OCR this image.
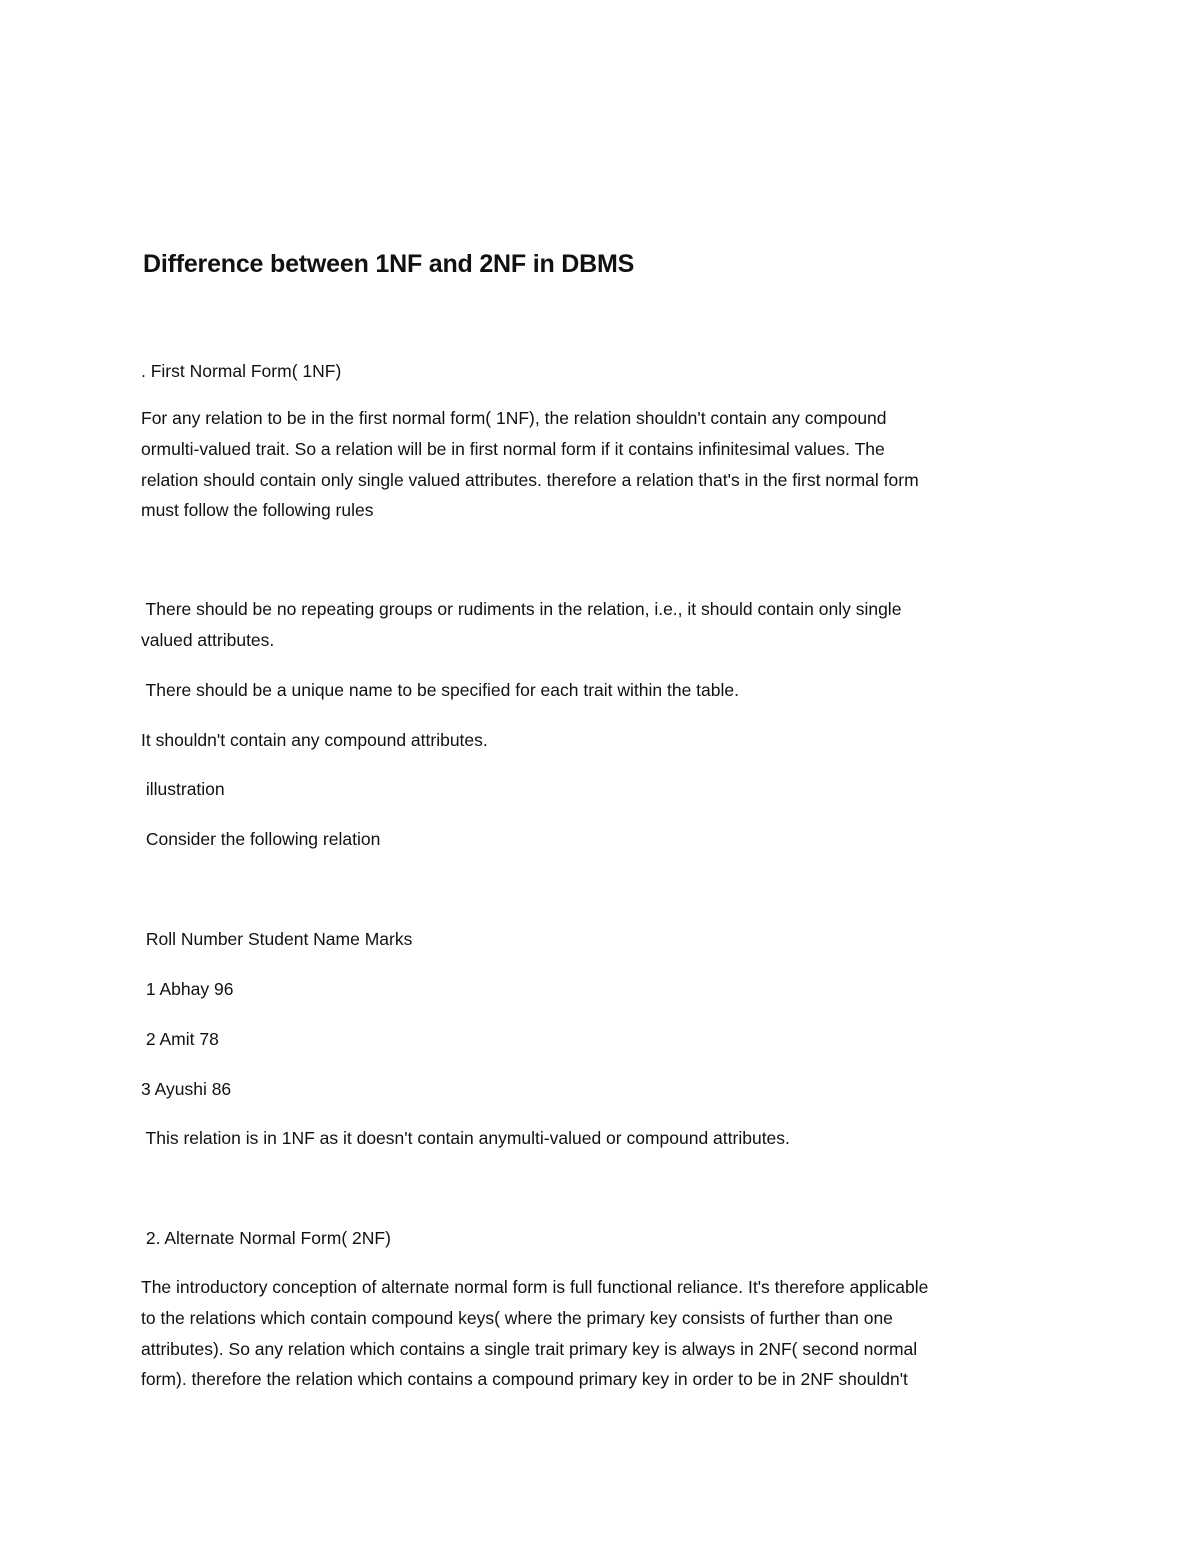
Difference between 1NF and 2NF in DBMS

. First Normal Form( 1NF)

For any relation to be in the first normal form( 1NF), the relation shouldn't contain any compound
ormulti-valued trait. So a relation will be in first normal form if it contains infinitesimal values. The
relation should contain only single valued attributes. therefore a relation that's in the first normal form
must follow the following rules
There should be no repeating groups or rudiments in the relation, i.e., it should contain only single
valued attributes.

There should be a unique name to be specified for each trait within the table.

It shouldn't contain any compound attributes.

illustration

Consider the following relation

Roll Number Student Name Marks

1 Abhay 96

2 Amit 78

3 Ayushi 86

This relation is in 1NF as it doesn't contain anymulti-valued or compound attributes.

2. Alternate Normal Form( 2NF)

The introductory conception of alternate normal form is full functional reliance. It's therefore applicable
to the relations which contain compound keys( where the primary key consists of further than one
attributes). So any relation which contains a single trait primary key is always in 2NF( second normal
form). therefore the relation which contains a compound primary key in order to be in 2NF shouldn't
